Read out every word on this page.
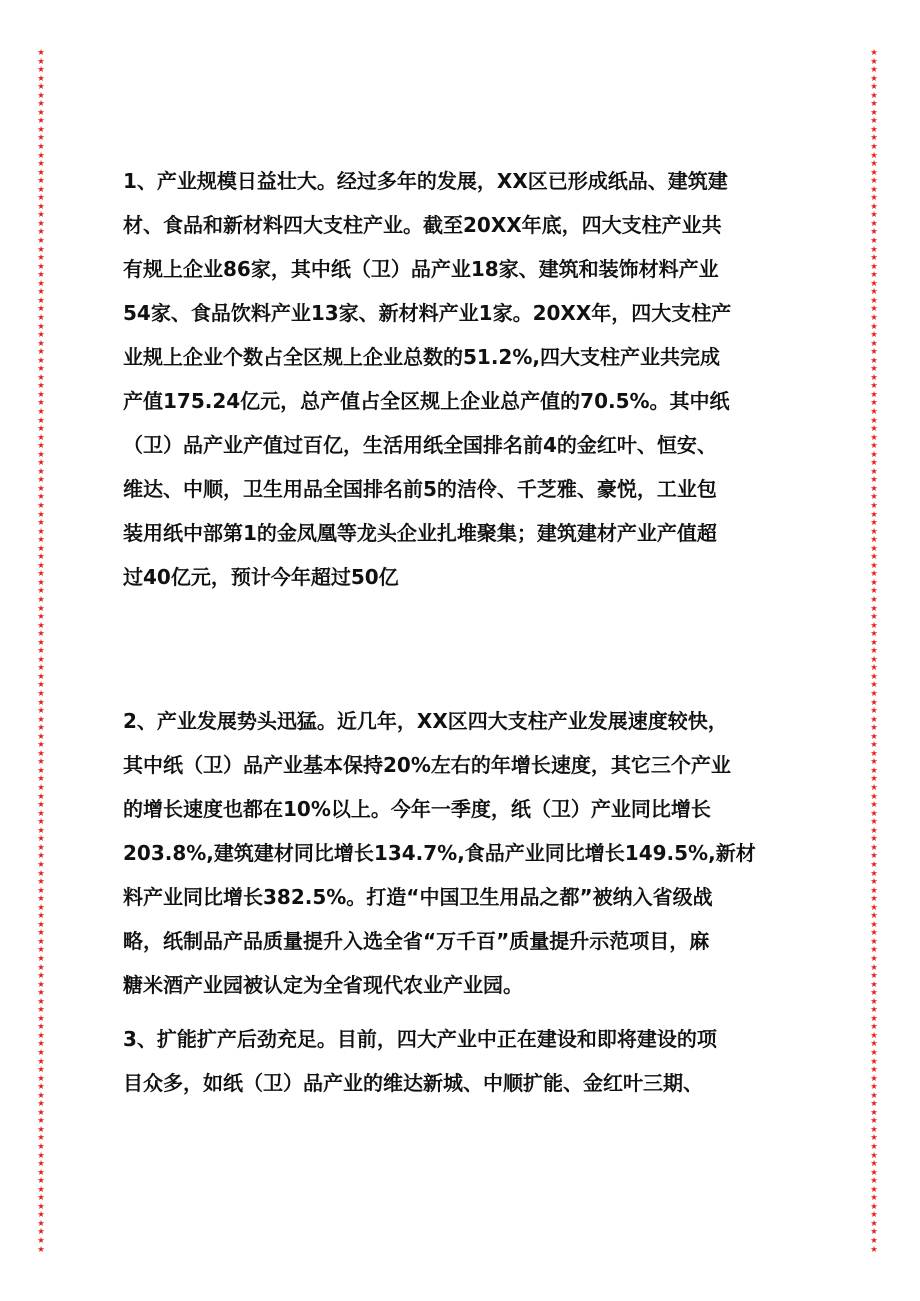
★
★
★
★
★
★
★
★
★
★
★
★
★
★
★
★
★
★
★
★
★
★
★
★
★
★
★
★
★
★
★
★
★
★
★
★
★
★
★
★
★
★
★
★
★
★
★
★
★
★
★
★
★
★
★
★
★
★
★
★
★
★
★
★
★
★
★
★
★
★
★
★
★
★
★
★
★
★
★
★
★
★
★
★
★
★
★
★
★
★
★
★
★
★
★
★
★
★
★
★
★
★
★
★
★
★
★
★
★
★
★
★
★
★
★
★
★
★
★
★
★
★
★
★
★
★
★
★
★
★
★
★
★
★
★
★
★
★
★
★
★
★
★
★
★
★
★
★
★
★
★
★
★
★
★
★
★
★
★
★
★
★
★
★
★
★
★
★
★
★
★
★
★
★
★
★
★
★
★
★
★
★
★
★
★
★
★
★
★
★
★
★
★
★
★
★
★
★
★
★
★
★
★
★
★
★
★
★
★
★
★
★
★
★
★
★
★
★
★
★
★
★
★
★
★
★
★
★
★
★
★
★
★
★
★
★
★
★
★
★
★
★
★
★
★
★
★
★
★
★
★
★
★
★
★
★
★
★
★
★
★
★
★
★
★
★
★
★
★
★
★
★
★
★
★
★
★
★
★
★
★
★
1、产业规模日益壮大。经过多年的发展，XX区已形成纸品、建筑建
材、食品和新材料四大支柱产业。截至20XX年底，四大支柱产业共
有规上企业86家，其中纸（卫）品产业18家、建筑和装饰材料产业
54家、食品饮料产业13家、新材料产业1家。20XX年，四大支柱产
业规上企业个数占全区规上企业总数的51.2%,四大支柱产业共完成
产值175.24亿元，总产值占全区规上企业总产值的70.5%。其中纸
（卫）品产业产值过百亿，生活用纸全国排名前4的金红叶、恒安、
维达、中顺，卫生用品全国排名前5的洁伶、千芝雅、豪悦，工业包
装用纸中部第1的金凤凰等龙头企业扎堆聚集；建筑建材产业产值超
过40亿元，预计今年超过50亿
2、产业发展势头迅猛。近几年，XX区四大支柱产业发展速度较快，
其中纸（卫）品产业基本保持20%左右的年增长速度，其它三个产业
的增长速度也都在10%以上。今年一季度，纸（卫）产业同比增长
203.8%,建筑建材同比增长134.7%,食品产业同比增长149.5%,新材
料产业同比增长382.5%。打造“中国卫生用品之都”被纳入省级战
略，纸制品产品质量提升入选全省“万千百”质量提升示范项目，麻
糖米酒产业园被认定为全省现代农业产业园。
3、扩能扩产后劲充足。目前，四大产业中正在建设和即将建设的项
目众多，如纸（卫）品产业的维达新城、中顺扩能、金红叶三期、
